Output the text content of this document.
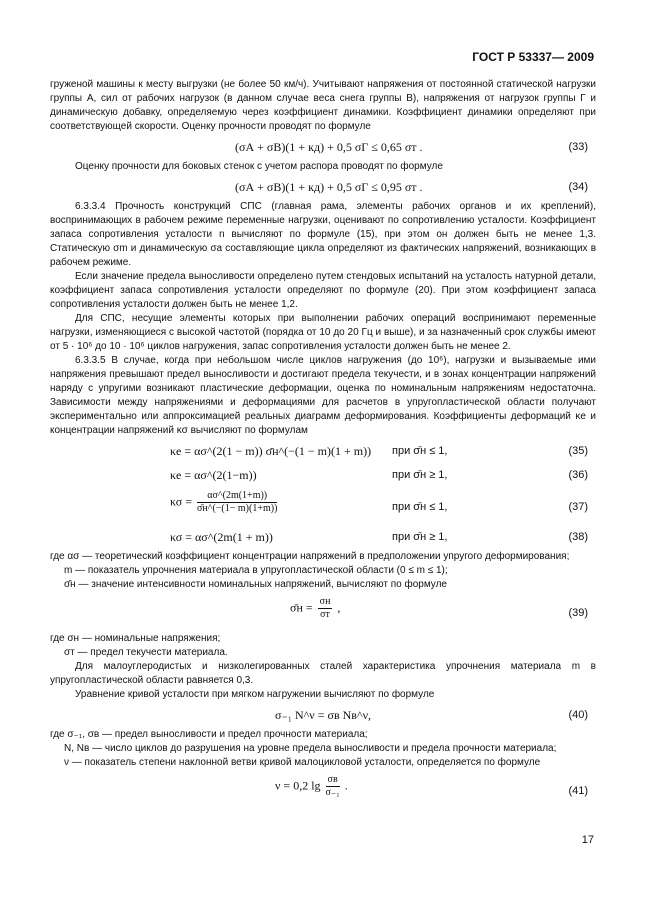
ГОСТ Р 53337— 2009

груженой машины к месту выгрузки (не более 50 км/ч). Учитывают напряжения от постоянной статической нагрузки группы А, сил от рабочих нагрузок (в данном случае веса снега группы В), напряжения от нагрузок группы Г и динамическую добавку, определяемую через коэффициент динамики. Коэффициент динамики определяют при соответствующей скорости. Оценку прочности проводят по формуле

(σА + σВ)(1 + кд) + 0,5 σГ ≤ 0,65 σт .	(33)

Оценку прочности для боковых стенок с учетом распора проводят по формуле

(σА + σВ)(1 + кд) + 0,5 σГ ≤ 0,95 σт .	(34)

6.3.3.4 Прочность конструкций СПС (главная рама, элементы рабочих органов и их креплений), воспринимающих в рабочем режиме переменные нагрузки, оценивают по сопротивлению усталости. Коэффициент запаса сопротивления усталости n вычисляют по формуле (15), при этом он должен быть не менее 1,3. Статическую σm и динамическую σa составляющие цикла определяют из фактических напряжений, возникающих в рабочем режиме.

Если значение предела выносливости определено путем стендовых испытаний на усталость натурной детали, коэффициент запаса сопротивления усталости определяют по формуле (20). При этом коэффициент запаса сопротивления усталости должен быть не менее 1,2.

Для СПС, несущие элементы которых при выполнении рабочих операций воспринимают переменные нагрузки, изменяющиеся с высокой частотой (порядка от 10 до 20 Гц и выше), и за назначенный срок службы имеют от 5 · 10⁶ до 10 · 10⁶ циклов нагружения, запас сопротивления усталости должен быть не менее 2.

6.3.3.5 В случае, когда при небольшом числе циклов нагружения (до 10⁶), нагрузки и вызываемые ими напряжения превышают предел выносливости и достигают предела текучести, и в зонах концентрации напряжений наряду с упругими возникают пластические деформации, оценка по номинальным напряжениям недостаточна. Зависимости между напряжениями и деформациями для расчетов в упругопластической области получают экспериментально или аппроксимацией реальных диаграмм деформирования. Коэффициенты деформаций κe и концентрации напряжений κσ вычисляют по формулам

κe = ασ^(2(1 − m)) σ̄н^(−(1 − m)(1 + m)) при σ̄н ≤ 1,	(35)
κe = ασ^(2(1−m))	при σ̄н ≥ 1,	(36)
$\kappa\sigma = \frac{\alpha\sigma\^{}(2m(1+m))}{\sigmāн\^{}(-(1- m)(1+m))}$	при σ̄н ≤ 1,	(37)
κσ = ασ^(2m(1 + m))	при σ̄н ≥ 1,	(38)

где ασ — теоретический коэффициент концентрации напряжений в предположении упругого деформирования;

m — показатель упрочнения материала в упругопластической области (0 ≤ m ≤ 1);

σ̄н — значение интенсивности номинальных напряжений, вычисляют по формуле

σ̄н = $\frac{\sigma н}{\sigma т}$ ,	(39)

где σн — номинальные напряжения;

σт — предел текучести материала.

Для малоуглеродистых и низколегированных сталей характеристика упрочнения материала m в упругопластической области равняется 0,3.

Уравнение кривой усталости при мягком нагружении вычисляют по формуле

σ₋₁ N^ν = σв Nв^ν,	(40)

где σ₋₁, σв — предел выносливости и предел прочности материала;

N, Nв — число циклов до разрушения на уровне предела выносливости и предела прочности материала;

ν — показатель степени наклонной ветви кривой малоцикловой усталости, определяется по формуле

ν = 0,2 $\lg \frac{\sigma в}{\text{σ₋₁}}$ .	(41)
17
